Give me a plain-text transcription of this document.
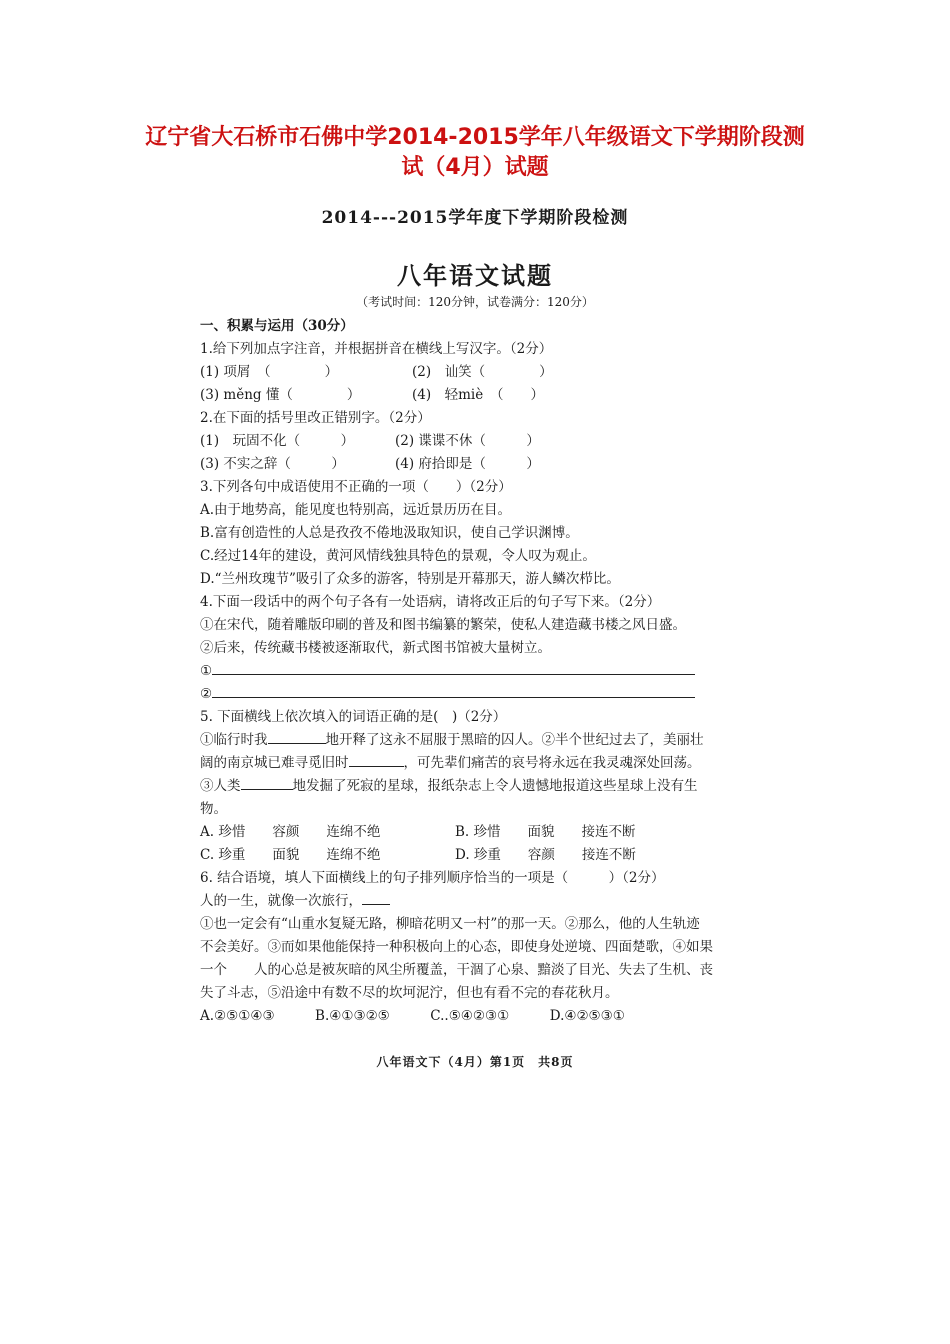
辽宁省大石桥市石佛中学2014-2015学年八年级语文下学期阶段测
试（4月）试题
2014---2015学年度下学期阶段检测
八年语文试题
（考试时间：120分钟，试卷满分：120分）
一、积累与运用（30分）
1.给下列加点字注音，并根据拼音在横线上写汉字。（2分）
(1) 项屑　（　　　　）	(2)　讪笑（　　　　）
(3) měng 懂（　　　　）	(4)　轻miè　（　　）
2.在下面的括号里改正错别字。（2分）
(1)　玩固不化（　　　）	(2) 谍谍不休（　　　）
(3) 不实之辞（　　　）	(4) 府拾即是（　　　）
3.下列各句中成语使用不正确的一项（　　）（2分）
A.由于地势高，能见度也特别高，远近景历历在目。
B.富有创造性的人总是孜孜不倦地汲取知识，使自己学识渊博。
C.经过14年的建设，黄河风情线独具特色的景观，令人叹为观止。
D.“兰州玫瑰节”吸引了众多的游客，特别是开幕那天，游人鳞次栉比。
4.下面一段话中的两个句子各有一处语病，请将改正后的句子写下来。（2分）
①在宋代，随着雕版印刷的普及和图书编纂的繁荣，使私人建造藏书楼之风日盛。
②后来，传统藏书楼被逐渐取代，新式图书馆被大量树立。
①
②
5. 下面横线上依次填入的词语正确的是(　)（2分）
①临行时我	地开释了这永不屈服于黑暗的囚人。②半个世纪过去了，美丽壮
阔的南京城已难寻觅旧时	，可先辈们痛苦的哀号将永远在我灵魂深处回荡。
③人类	地发掘了死寂的星球，报纸杂志上令人遗憾地报道这些星球上没有生
物。
A. 珍惜　　容颜　　连绵不绝	B. 珍惜　　面貌　　接连不断
C. 珍重　　面貌　　连绵不绝	D. 珍重　　容颜　　接连不断
6. 结合语境，填人下面横线上的句子排列顺序恰当的一项是（　　　）（2分）
人的一生，就像一次旅行，
①也一定会有“山重水复疑无路，柳暗花明又一村”的那一天。②那么，他的人生轨迹
不会美好。③而如果他能保持一种积极向上的心态，即使身处逆境、四面楚歌，④如果
一个　　人的心总是被灰暗的风尘所覆盖，干涸了心泉、黯淡了目光、失去了生机、丧
失了斗志，⑤沿途中有数不尽的坎坷泥泞，但也有看不完的春花秋月。
A.②⑤①④③　　　B.④①③②⑤　　　C..⑤④②③①　　　D.④②⑤③①
八年语文下（4月）第1页　共8页
